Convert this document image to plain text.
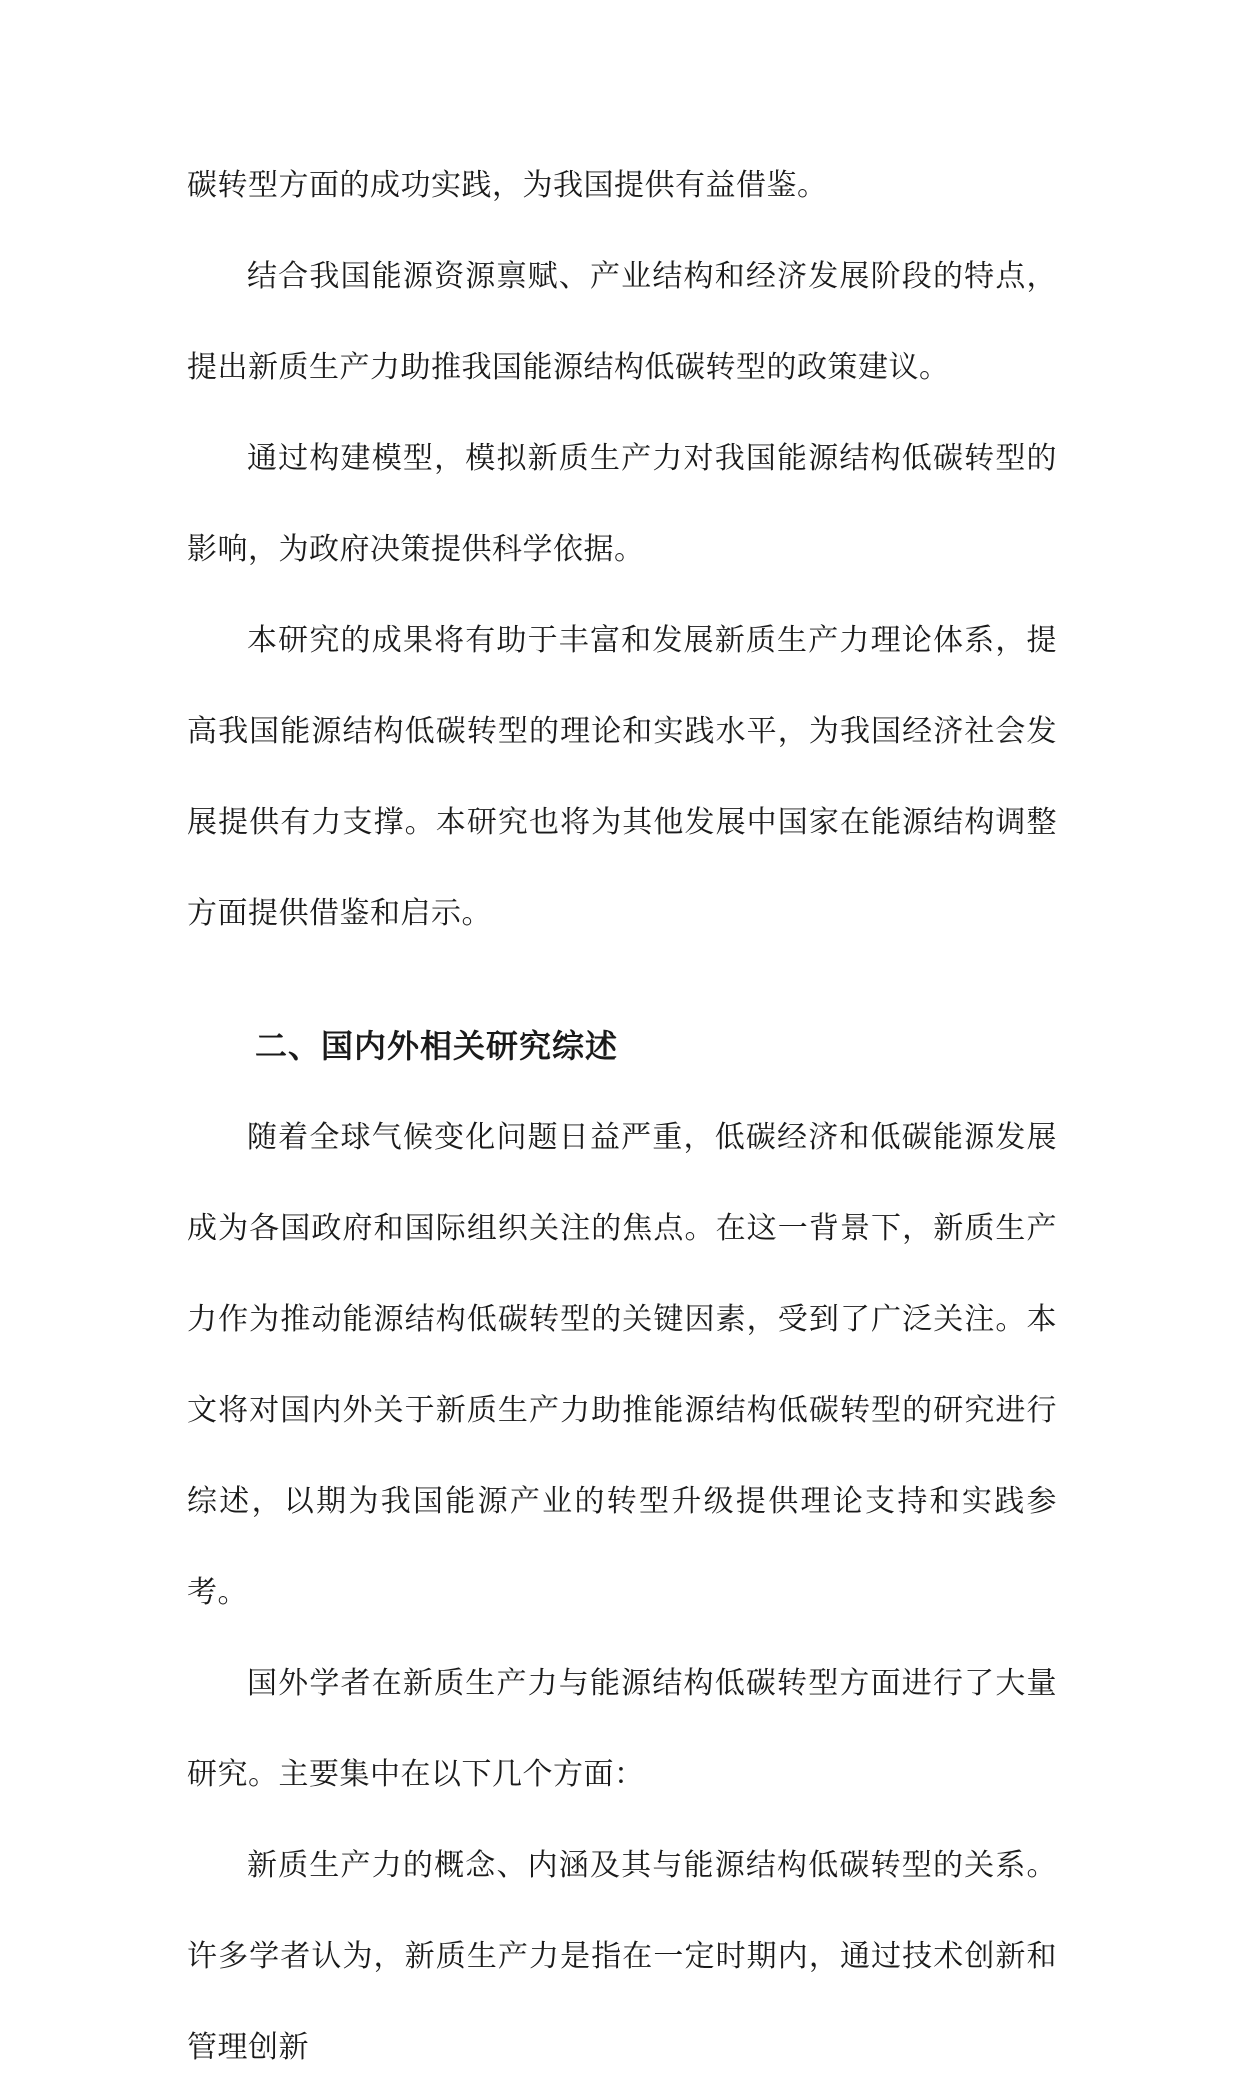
碳转型方面的成功实践，为我国提供有益借鉴。

结合我国能源资源禀赋、产业结构和经济发展阶段的特点，提出新质生产力助推我国能源结构低碳转型的政策建议。

通过构建模型，模拟新质生产力对我国能源结构低碳转型的影响，为政府决策提供科学依据。

本研究的成果将有助于丰富和发展新质生产力理论体系，提高我国能源结构低碳转型的理论和实践水平，为我国经济社会发展提供有力支撑。本研究也将为其他发展中国家在能源结构调整方面提供借鉴和启示。

二、国内外相关研究综述

随着全球气候变化问题日益严重，低碳经济和低碳能源发展成为各国政府和国际组织关注的焦点。在这一背景下，新质生产力作为推动能源结构低碳转型的关键因素，受到了广泛关注。本文将对国内外关于新质生产力助推能源结构低碳转型的研究进行综述，以期为我国能源产业的转型升级提供理论支持和实践参考。

国外学者在新质生产力与能源结构低碳转型方面进行了大量研究。主要集中在以下几个方面：

新质生产力的概念、内涵及其与能源结构低碳转型的关系。许多学者认为，新质生产力是指在一定时期内，通过技术创新和管理创新
